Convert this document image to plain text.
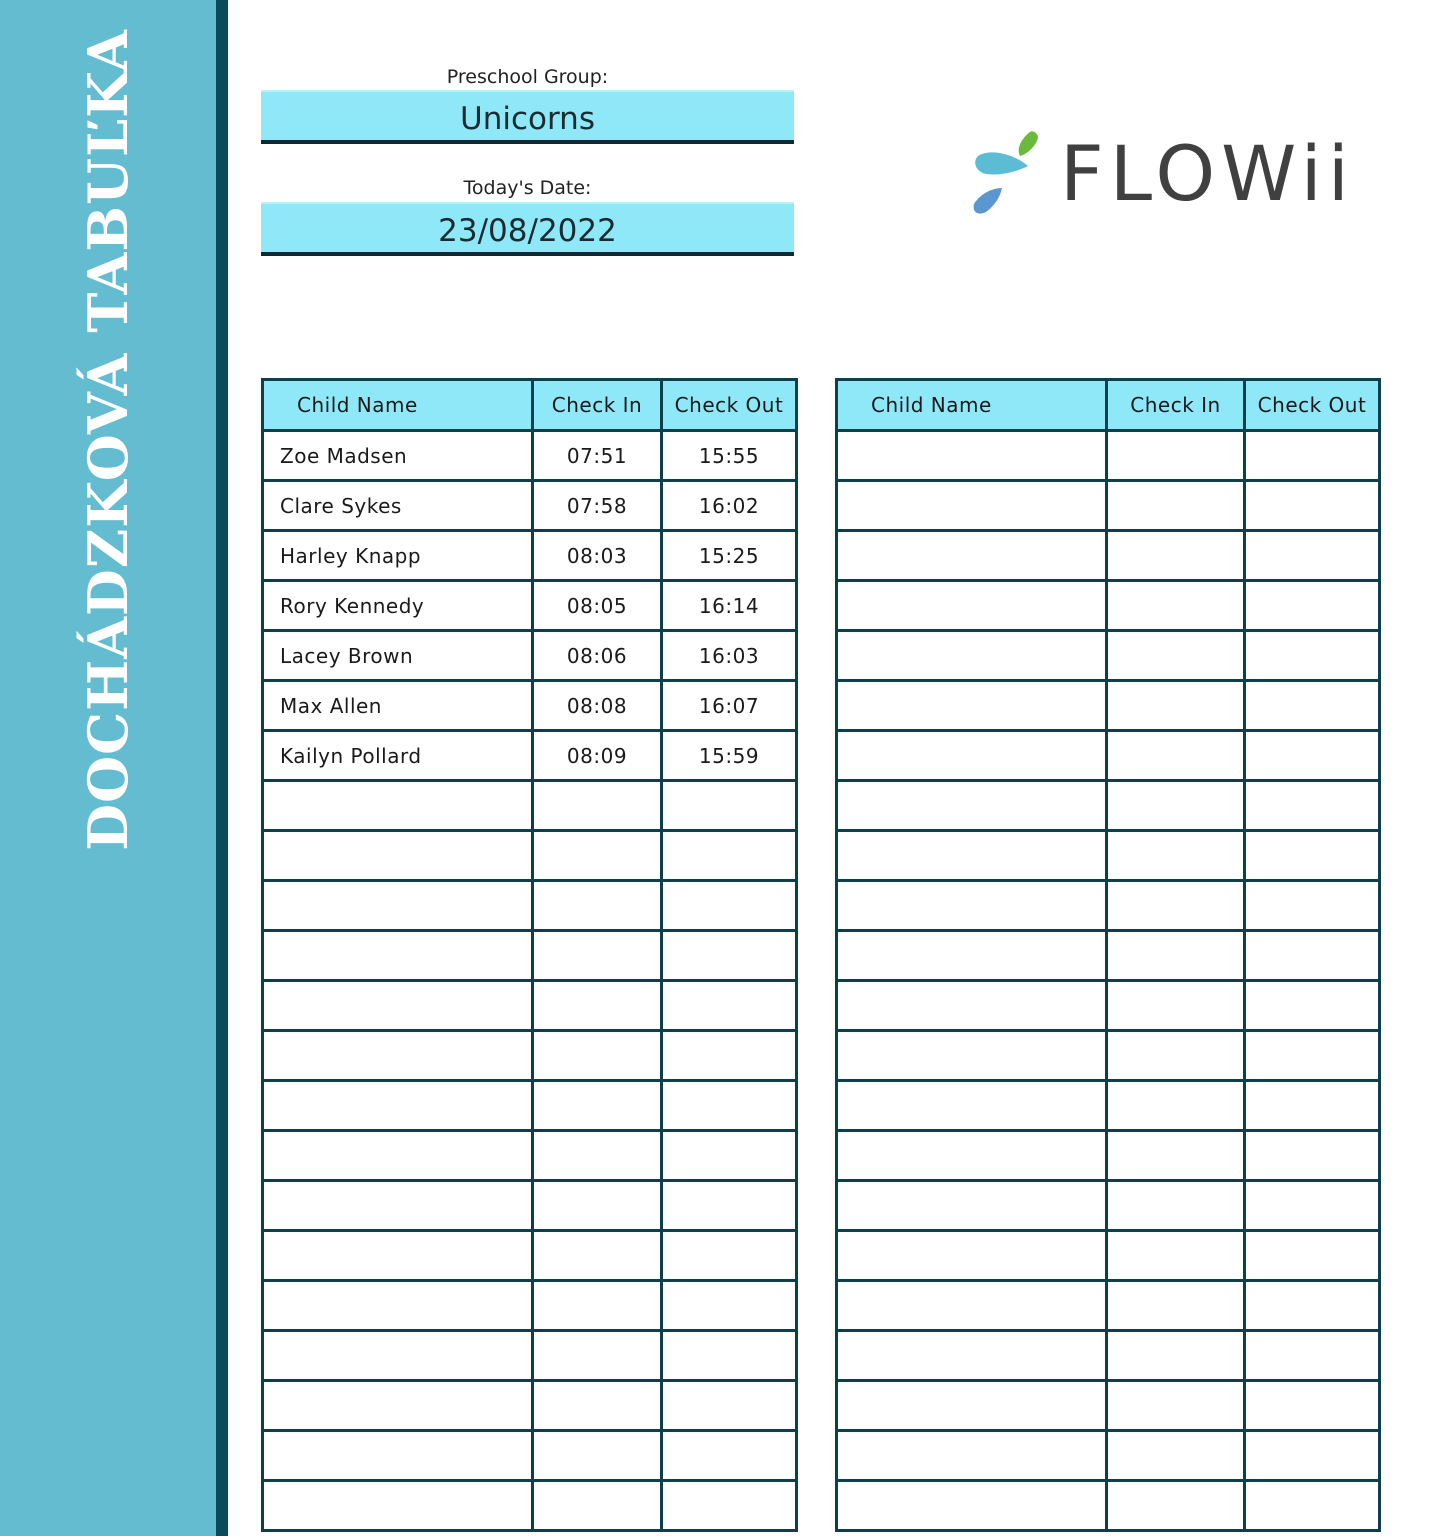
DOCHÁDZKOVÁ TABUĽKA	Preschool Group:
Unicorns
Today's Date:
23/08/2022
FLOWii
Child Name	Check In	Check Out
Zoe Madsen	07:51	15:55
Clare Sykes	07:58	16:02
Harley Knapp	08:03	15:25
Rory Kennedy	08:05	16:14
Lacey Brown	08:06	16:03
Max Allen	08:08	16:07
Kailyn Pollard	08:09	15:59

Child Name	Check In	Check Out
